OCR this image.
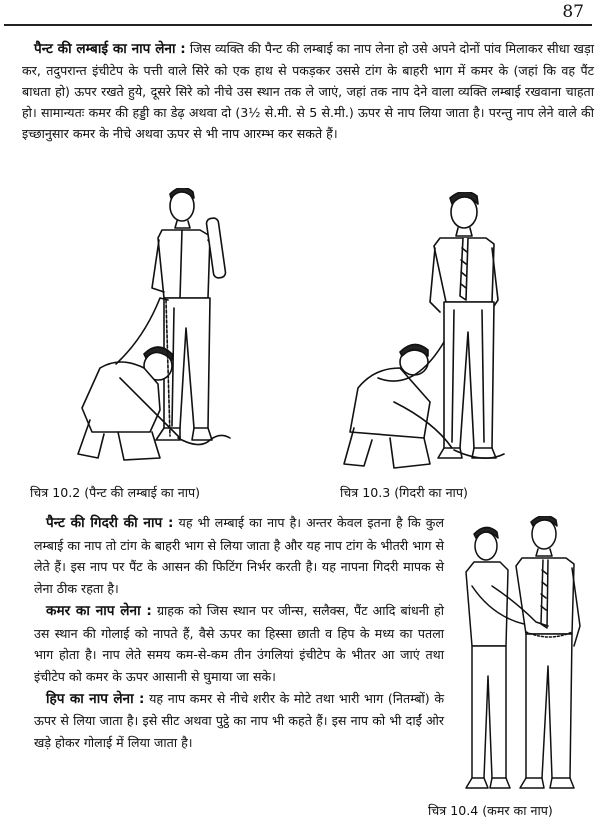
87
पैन्ट की लम्बाई का नाप लेना : जिस व्यक्ति की पैन्ट की लम्बाई का नाप लेना हो उसे अपने दोनों पांव मिलाकर सीधा खड़ा कर, तदुपरान्त इंचीटेप के पत्ती वाले सिरे को एक हाथ से पकड़कर उससे टांग के बाहरी भाग में कमर के (जहां कि वह पैंट बाधता हो) ऊपर रखते हुये, दूसरे सिरे को नीचे उस स्थान तक ले जाएं, जहां तक नाप देने वाला व्यक्ति लम्बाई रखवाना चाहता हो। सामान्यतः कमर की हड्डी का डेढ़ अथवा दो (3½ से.मी. से 5 से.मी.) ऊपर से नाप लिया जाता है। परन्तु नाप लेने वाले की इच्छानुसार कमर के नीचे अथवा ऊपर से भी नाप आरम्भ कर सकते हैं।
चित्र 10.2 (पैन्ट की लम्बाई का नाप)	चित्र 10.3 (गिदरी का नाप)

पैन्ट की गिदरी की नाप : यह भी लम्बाई का नाप है। अन्तर केवल इतना है कि कुल लम्बाई का नाप तो टांग के बाहरी भाग से लिया जाता है और यह नाप टांग के भीतरी भाग से लेते हैं। इस नाप पर पैंट के आसन की फिटिंग निर्भर करती है। यह नापना गिदरी मापक से लेना ठीक रहता है।

कमर का नाप लेना : ग्राहक को जिस स्थान पर जीन्स, सलैक्स, पैंट आदि बांधनी हो उस स्थान की गोलाई को नापते हैं, वैसे ऊपर का हिस्सा छाती व हिप के मध्य का पतला भाग होता है। नाप लेते समय कम-से-कम तीन उंगलियां इंचीटेप के भीतर आ जाएं तथा इंचीटेप को कमर के ऊपर आसानी से घुमाया जा सके।

हिप का नाप लेना : यह नाप कमर से नीचे शरीर के मोटे तथा भारी भाग (नितम्बों) के ऊपर से लिया जाता है। इसे सीट अथवा पुट्ठे का नाप भी कहते हैं। इस नाप को भी दाईं ओर खड़े होकर गोलाई में लिया जाता है।

चित्र 10.4 (कमर का नाप)
